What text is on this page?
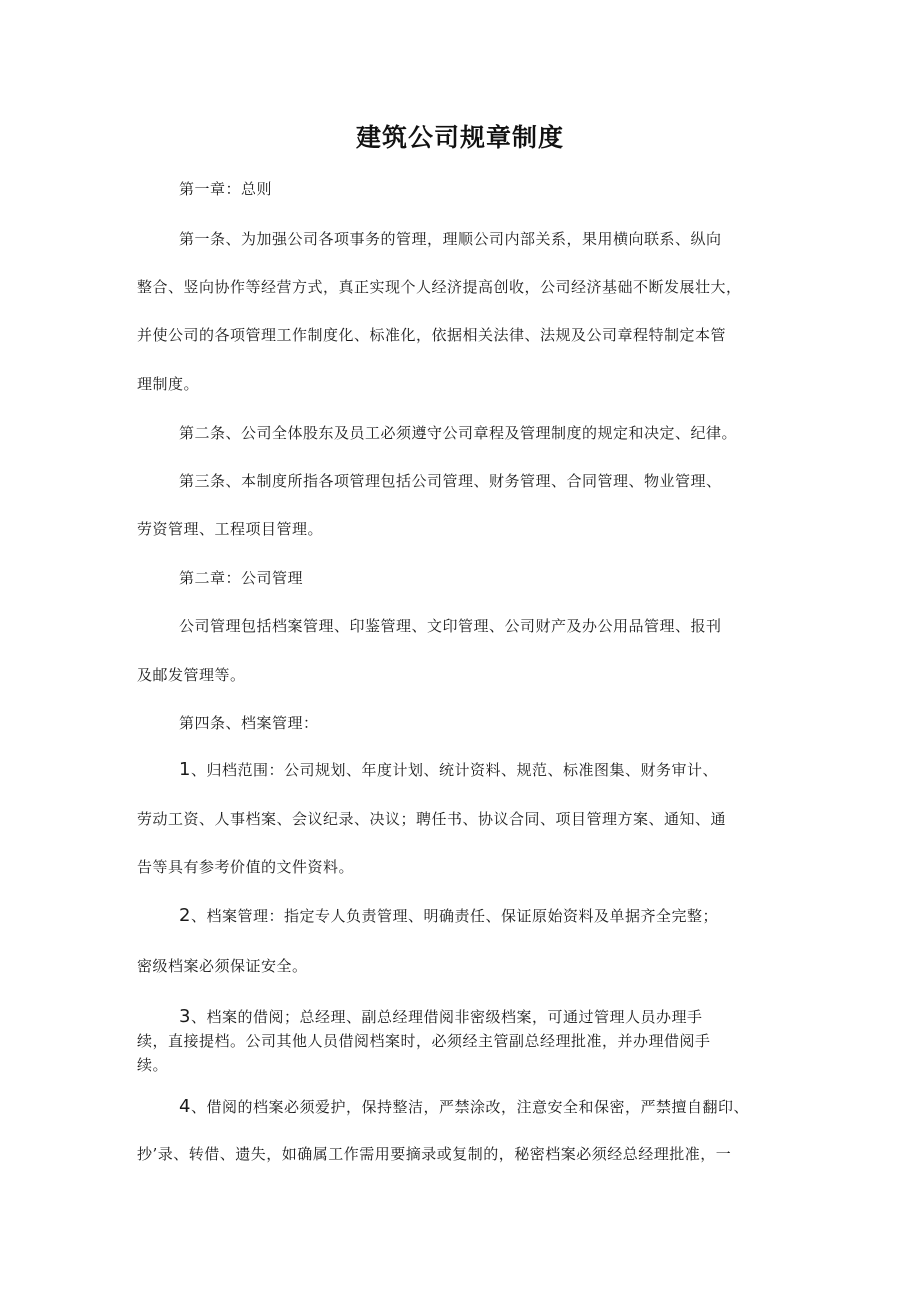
建筑公司规章制度
第一章：总则
第一条、为加强公司各项事务的管理，理顺公司内部关系，果用横向联系、纵向
整合、竖向协作等经营方式，真正实现个人经济提高创收，公司经济基础不断发展壮大，
并使公司的各项管理工作制度化、标准化，依据相关法律、法规及公司章程特制定本管
理制度。
第二条、公司全体股东及员工必须遵守公司章程及管理制度的规定和决定、纪律。
第三条、本制度所指各项管理包括公司管理、财务管理、合同管理、物业管理、
劳资管理、工程项目管理。
第二章：公司管理
公司管理包括档案管理、印鉴管理、文印管理、公司财产及办公用品管理、报刊
及邮发管理等。
第四条、档案管理：
1、归档范围：公司规划、年度计划、统计资料、规范、标准图集、财务审计、
劳动工资、人事档案、会议纪录、决议；聘任书、协议合同、项目管理方案、通知、通
告等具有参考价值的文件资料。
2、档案管理：指定专人负责管理、明确责任、保证原始资料及单据齐全完整；
密级档案必须保证安全。
3、档案的借阅；总经理、副总经理借阅非密级档案，可通过管理人员办理手
续，直接提档。公司其他人员借阅档案时，必须经主管副总经理批准，并办理借阅手
续。
4、借阅的档案必须爱护，保持整洁，严禁涂改，注意安全和保密，严禁擅自翻印、
抄’录、转借、遗失，如确属工作需用要摘录或复制的，秘密档案必须经总经理批准，一
